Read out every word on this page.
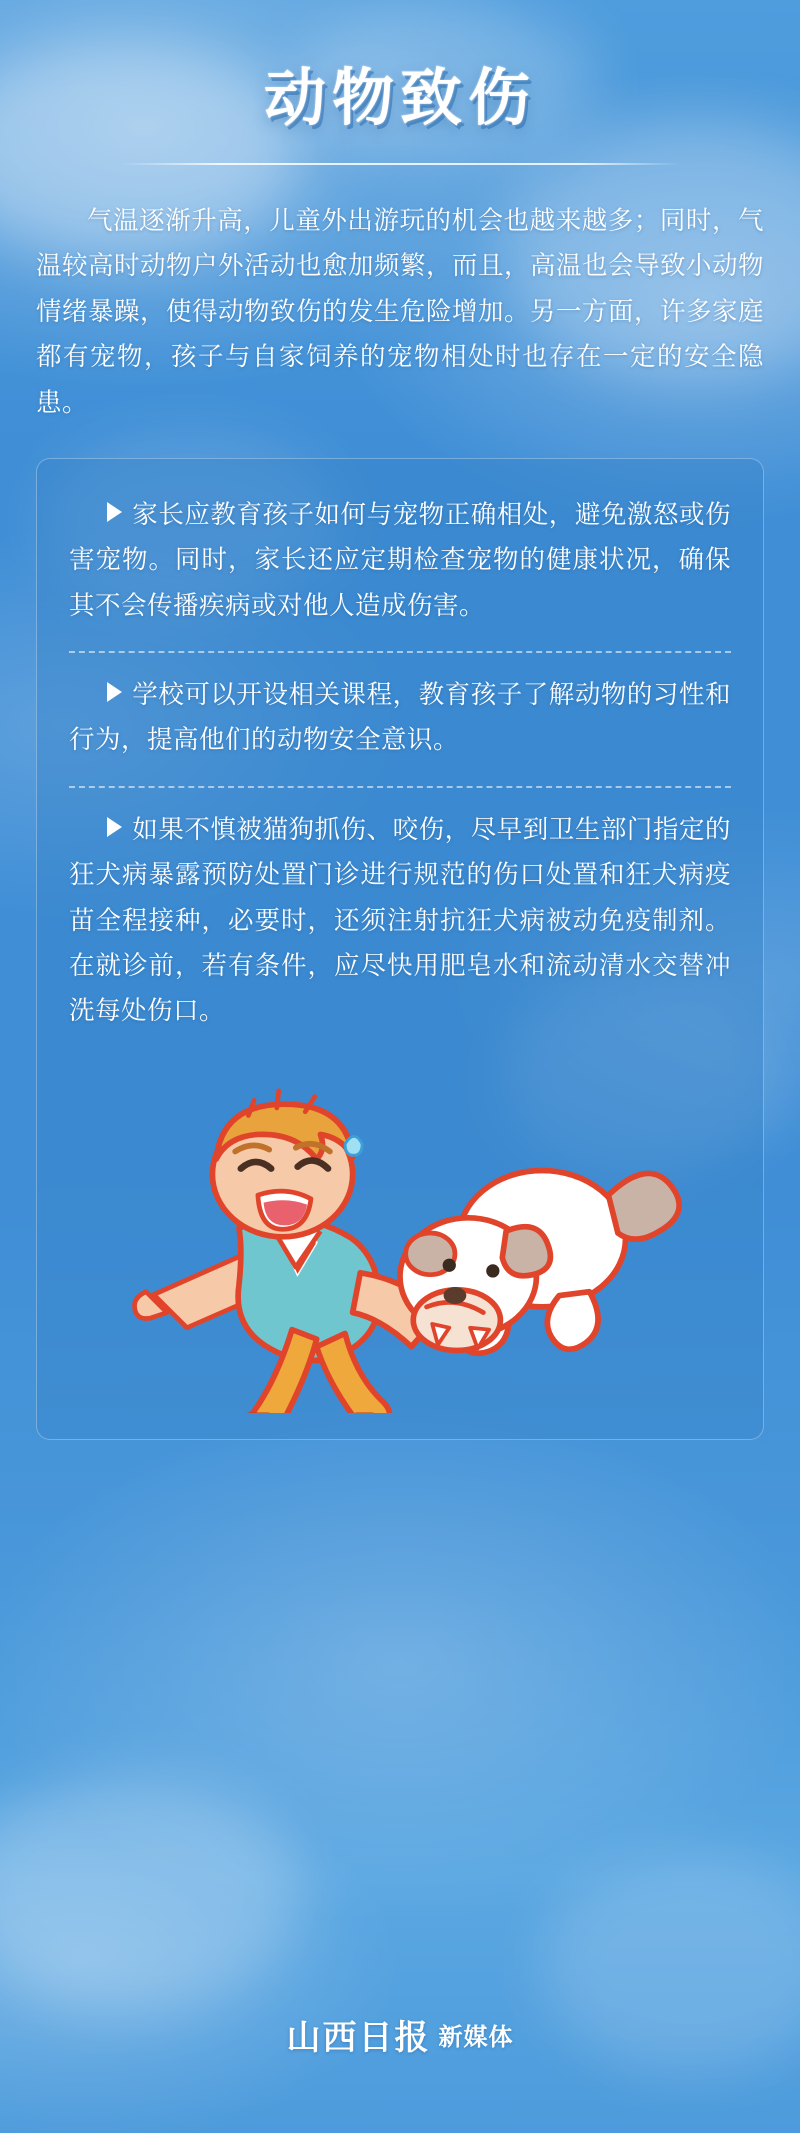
动物致伤

气温逐渐升高，儿童外出游玩的机会也越来越多；同时，气温较高时动物户外活动也愈加频繁，而且，高温也会导致小动物情绪暴躁，使得动物致伤的发生危险增加。另一方面，许多家庭都有宠物，孩子与自家饲养的宠物相处时也存在一定的安全隐患。

家长应教育孩子如何与宠物正确相处，避免激怒或伤害宠物。同时，家长还应定期检查宠物的健康状况，确保其不会传播疾病或对他人造成伤害。
学校可以开设相关课程，教育孩子了解动物的习性和行为，提高他们的动物安全意识。
如果不慎被猫狗抓伤、咬伤，尽早到卫生部门指定的狂犬病暴露预防处置门诊进行规范的伤口处置和狂犬病疫苗全程接种，必要时，还须注射抗狂犬病被动免疫制剂。在就诊前，若有条件，应尽快用肥皂水和流动清水交替冲洗每处伤口。
山西日报 新媒体
